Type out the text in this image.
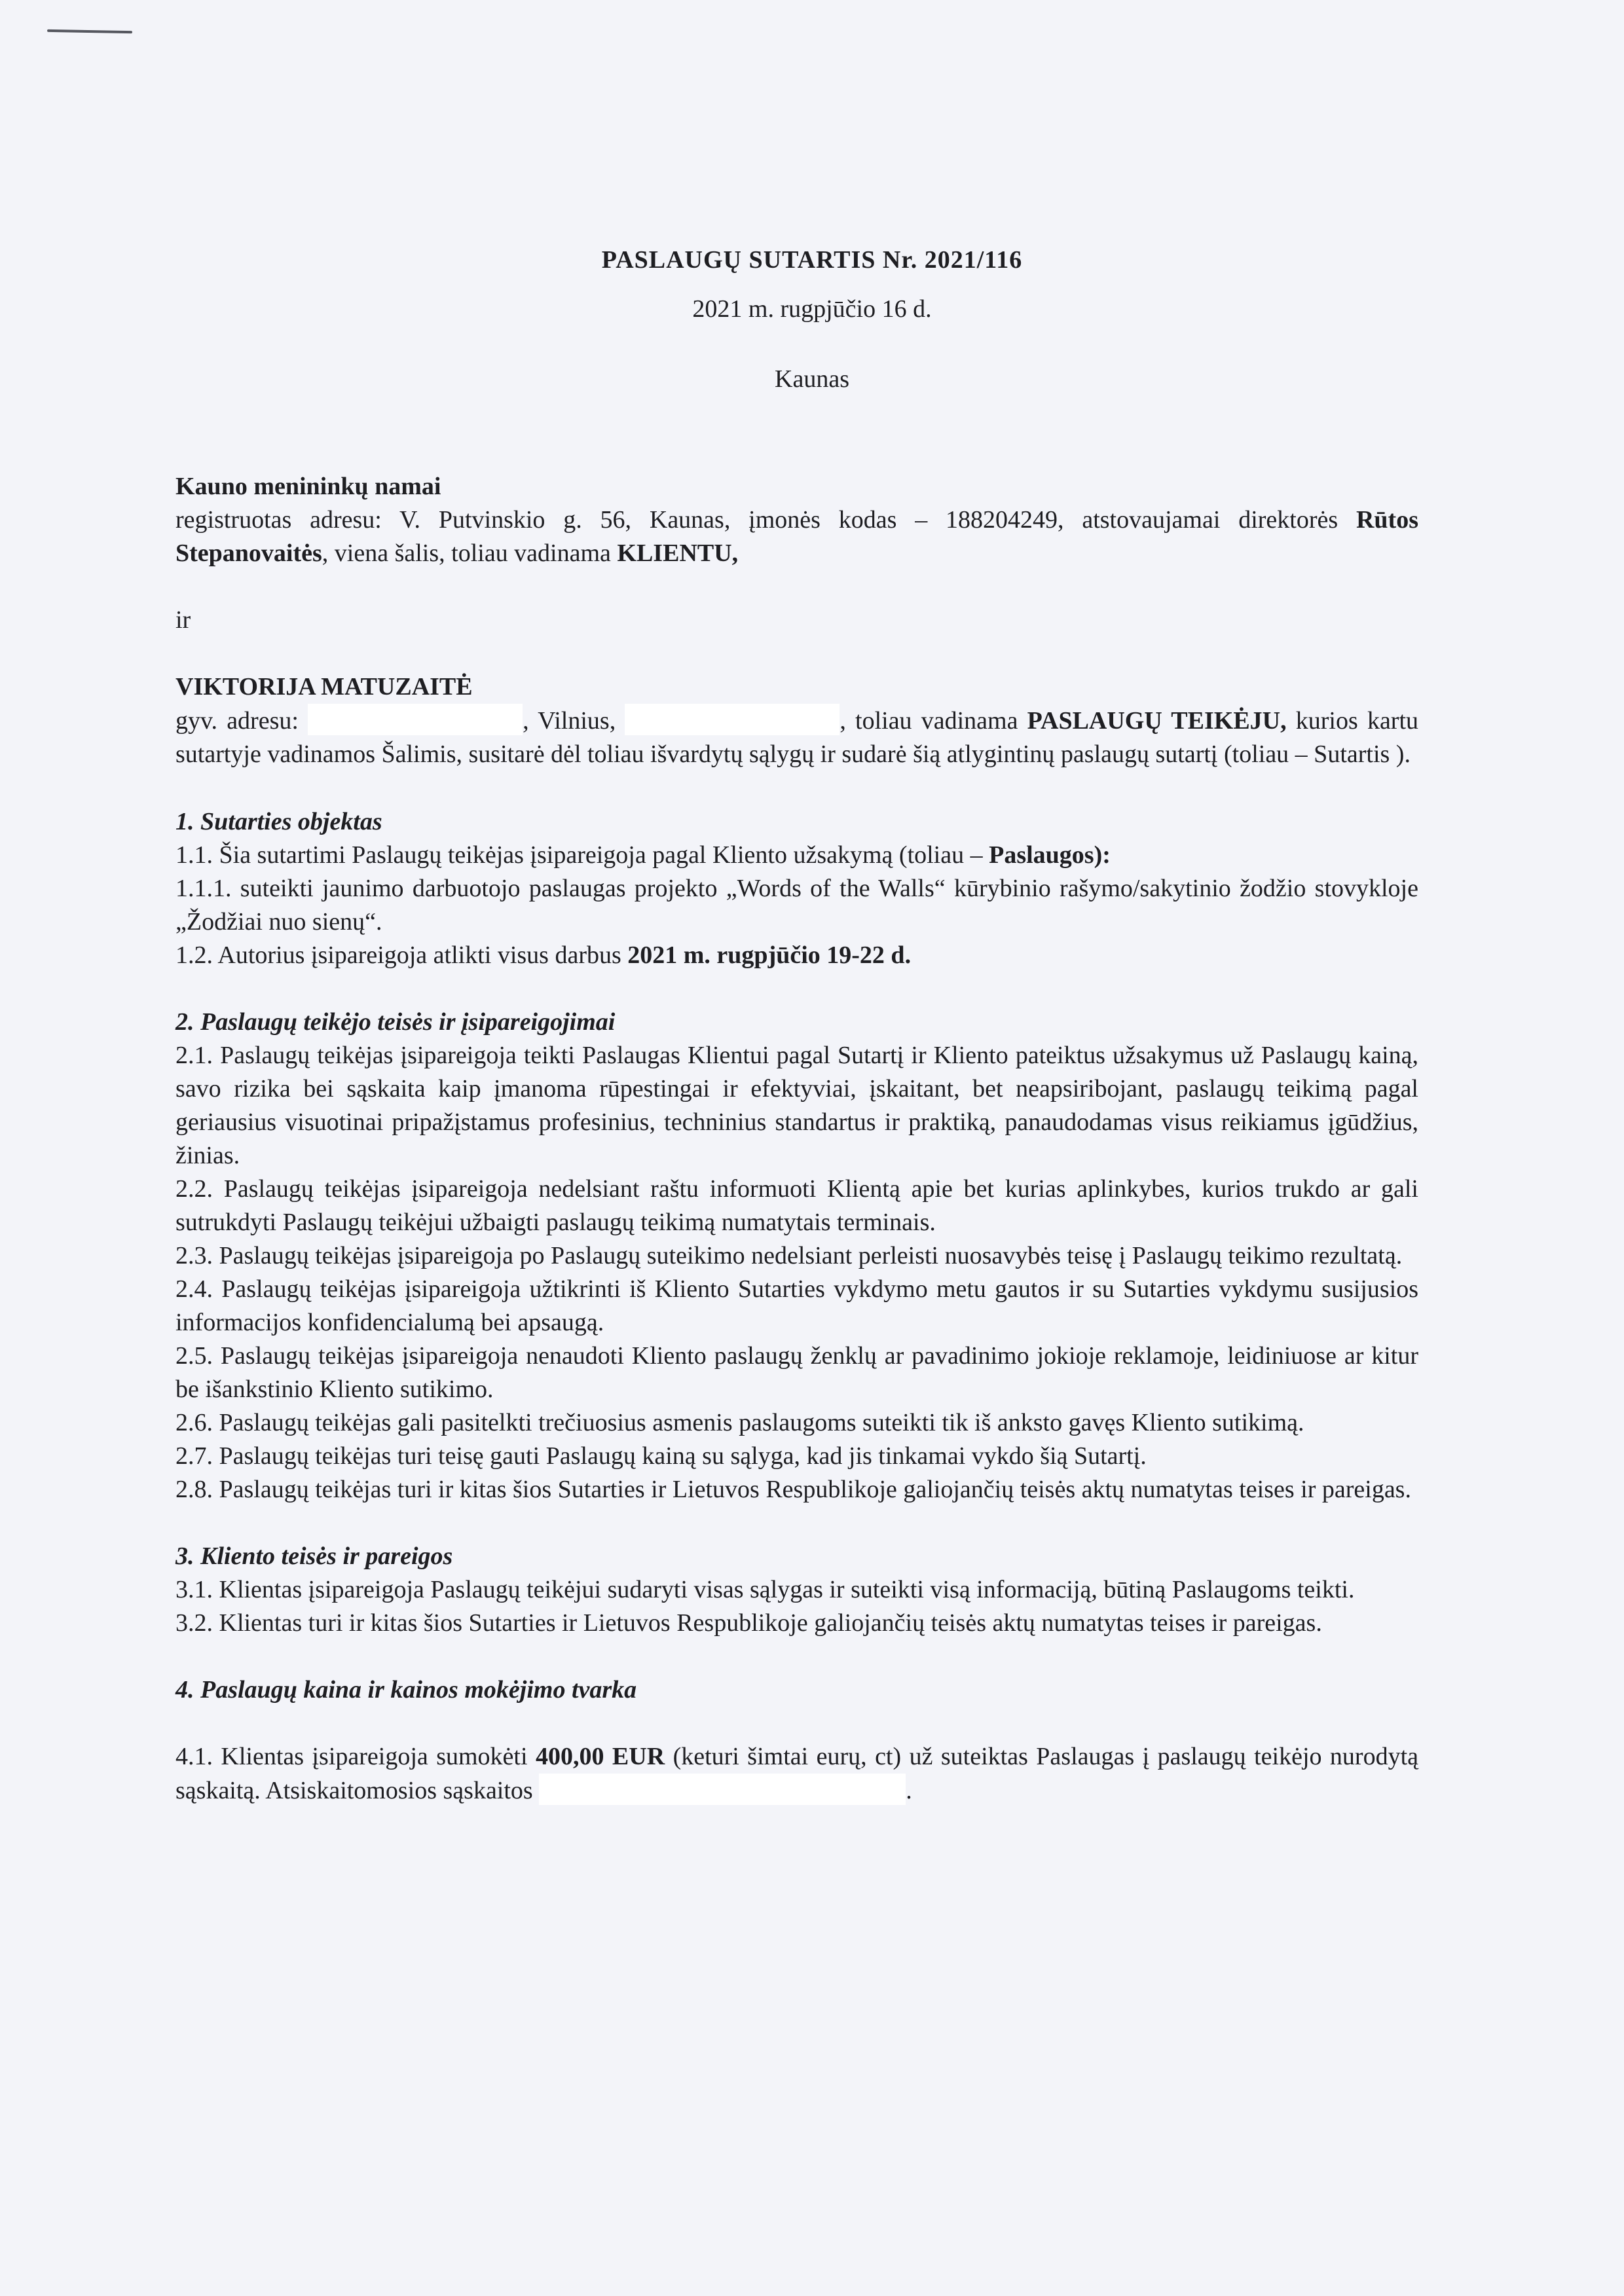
PASLAUGŲ SUTARTIS Nr. 2021/116
2021 m. rugpjūčio 16 d.
Kaunas

Kauno menininkų namai

registruotas adresu: V. Putvinskio g. 56, Kaunas, įmonės kodas – 188204249, atstovaujamai direktorės Rūtos Stepanovaitės, viena šalis, toliau vadinama KLIENTU,

ir

VIKTORIJA MATUZAITĖ

gyv. adresu:	, Vilnius,	, toliau vadinama PASLAUGŲ TEIKĖJU, kurios kartu sutartyje vadinamos Šalimis, susitarė dėl toliau išvardytų sąlygų ir sudarė šią atlygintinų paslaugų sutartį (toliau – Sutartis ).

1. Sutarties objektas

1.1. Šia sutartimi Paslaugų teikėjas įsipareigoja pagal Kliento užsakymą (toliau – Paslaugos):

1.1.1. suteikti jaunimo darbuotojo paslaugas projekto „Words of the Walls“ kūrybinio rašymo/sakytinio žodžio stovykloje „Žodžiai nuo sienų“.

1.2. Autorius įsipareigoja atlikti visus darbus 2021 m. rugpjūčio 19-22 d.

2. Paslaugų teikėjo teisės ir įsipareigojimai

2.1. Paslaugų teikėjas įsipareigoja teikti Paslaugas Klientui pagal Sutartį ir Kliento pateiktus užsakymus už Paslaugų kainą, savo rizika bei sąskaita kaip įmanoma rūpestingai ir efektyviai, įskaitant, bet neapsiribojant, paslaugų teikimą pagal geriausius visuotinai pripažįstamus profesinius, techninius standartus ir praktiką, panaudodamas visus reikiamus įgūdžius, žinias.

2.2. Paslaugų teikėjas įsipareigoja nedelsiant raštu informuoti Klientą apie bet kurias aplinkybes, kurios trukdo ar gali sutrukdyti Paslaugų teikėjui užbaigti paslaugų teikimą numatytais terminais.

2.3. Paslaugų teikėjas įsipareigoja po Paslaugų suteikimo nedelsiant perleisti nuosavybės teisę į Paslaugų teikimo rezultatą.

2.4. Paslaugų teikėjas įsipareigoja užtikrinti iš Kliento Sutarties vykdymo metu gautos ir su Sutarties vykdymu susijusios informacijos konfidencialumą bei apsaugą.

2.5. Paslaugų teikėjas įsipareigoja nenaudoti Kliento paslaugų ženklų ar pavadinimo jokioje reklamoje, leidiniuose ar kitur be išankstinio Kliento sutikimo.

2.6. Paslaugų teikėjas gali pasitelkti trečiuosius asmenis paslaugoms suteikti tik iš anksto gavęs Kliento sutikimą.

2.7. Paslaugų teikėjas turi teisę gauti Paslaugų kainą su sąlyga, kad jis tinkamai vykdo šią Sutartį.

2.8. Paslaugų teikėjas turi ir kitas šios Sutarties ir Lietuvos Respublikoje galiojančių teisės aktų numatytas teises ir pareigas.

3. Kliento teisės ir pareigos

3.1. Klientas įsipareigoja Paslaugų teikėjui sudaryti visas sąlygas ir suteikti visą informaciją, būtiną Paslaugoms teikti.

3.2. Klientas turi ir kitas šios Sutarties ir Lietuvos Respublikoje galiojančių teisės aktų numatytas teises ir pareigas.

4. Paslaugų kaina ir kainos mokėjimo tvarka

4.1. Klientas įsipareigoja sumokėti 400,00 EUR (keturi šimtai eurų, ct) už suteiktas Paslaugas į paslaugų teikėjo nurodytą sąskaitą. Atsiskaitomosios sąskaitos	.
